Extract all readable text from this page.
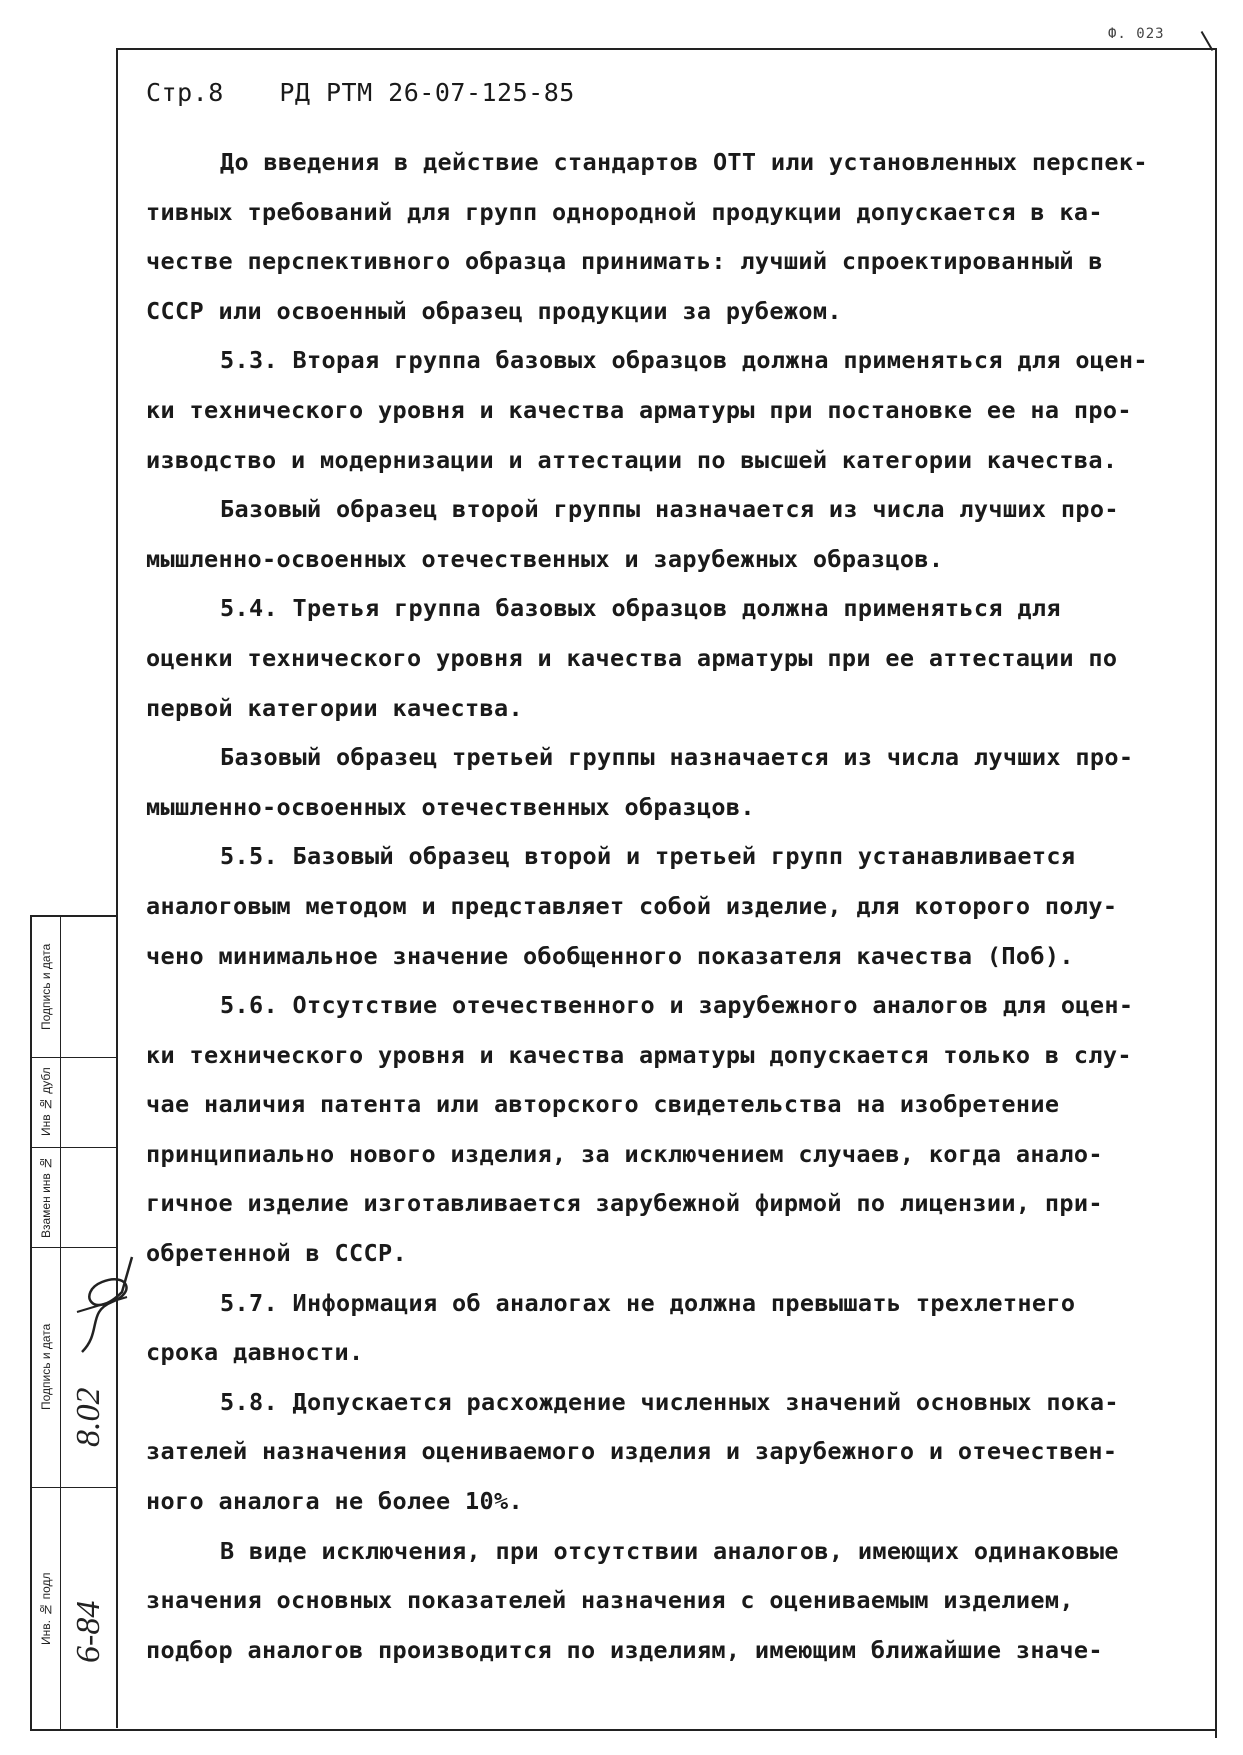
Ф. 023
Стр.8 РД РТМ 26-07-125-85
До введения в действие стандартов ОТТ или установленных перспек-
тивных требований для групп однородной продукции допускается в ка-
честве перспективного образца принимать: лучший спроектированный в
СССР или освоенный образец продукции за рубежом.
5.3. Вторая группа базовых образцов должна применяться для оцен-
ки технического уровня и качества арматуры при постановке ее на про-
изводство и модернизации и аттестации по высшей категории качества.
Базовый образец второй группы назначается из числа лучших про-
мышленно-освоенных отечественных и зарубежных образцов.
5.4. Третья группа базовых образцов должна применяться для
оценки технического уровня и качества арматуры при ее аттестации по
первой категории качества.
Базовый образец третьей группы назначается из числа лучших про-
мышленно-освоенных отечественных образцов.
5.5. Базовый образец второй и третьей групп устанавливается
аналоговым методом и представляет собой изделие, для которого полу-
чено минимальное значение обобщенного показателя качества (Поб).
5.6. Отсутствие отечественного и зарубежного аналогов для оцен-
ки технического уровня и качества арматуры допускается только в слу-
чае наличия патента или авторского свидетельства на изобретение
принципиально нового изделия, за исключением случаев, когда анало-
гичное изделие изготавливается зарубежной фирмой по лицензии, при-
обретенной в СССР.
5.7. Информация об аналогах не должна превышать трехлетнего
срока давности.
5.8. Допускается расхождение численных значений основных пока-
зателей назначения оцениваемого изделия и зарубежного и отечествен-
ного аналога не более 10%.
В виде исключения, при отсутствии аналогов, имеющих одинаковые
значения основных показателей назначения с оцениваемым изделием,
подбор аналогов производится по изделиям, имеющим ближайшие значе-
Подпись и дата
Инв № дубл
Взамен инв №
Подпись и дата
Инв. № подл
8.02
6-84
